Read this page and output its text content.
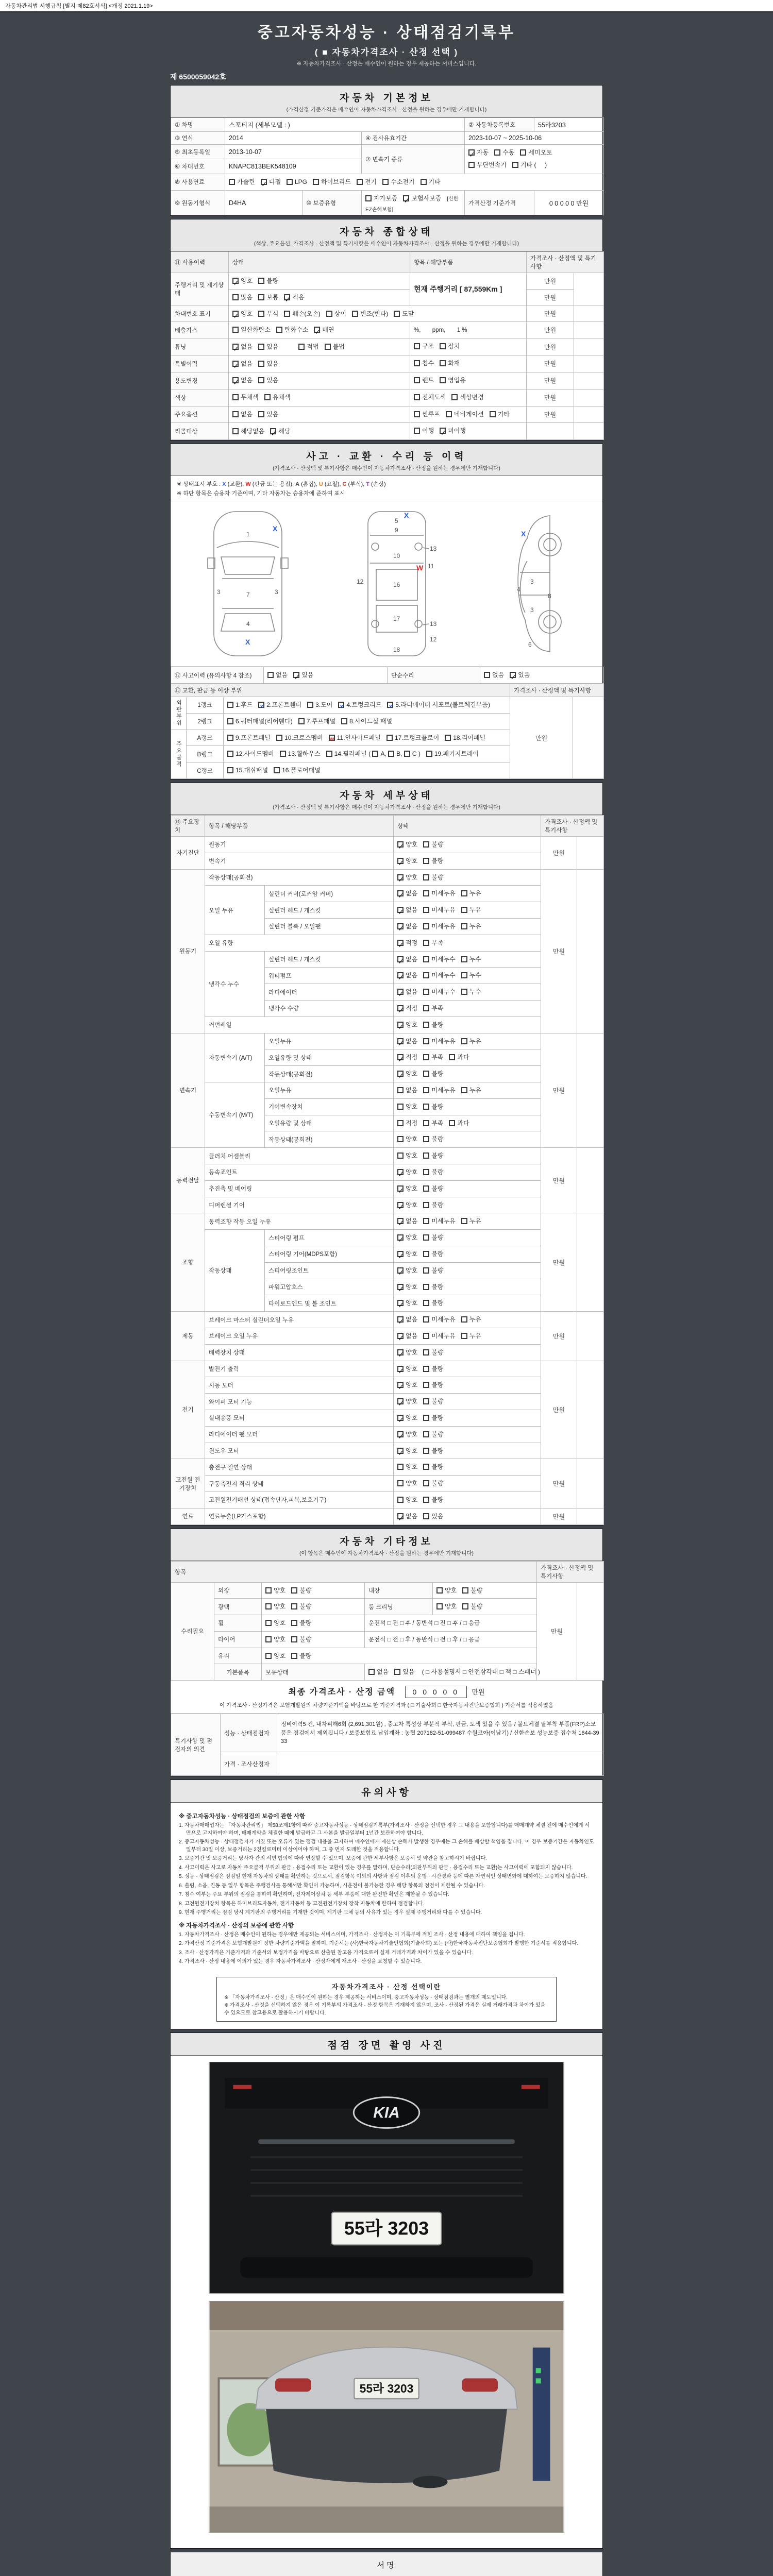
자동차관리법 시행규칙 [별지 제82호서식] <개정 2021.1.19>
중고자동차성능 · 상태점검기록부
( ■ 자동차가격조사 · 산정 선택 )
※ 자동차가격조사 · 산정은 매수인이 원하는 경우 제공하는 서비스입니다.
제 6500059042호
자동차 기본정보
(가격산정 기준가격은 매수인이 자동차가격조사 · 산정을 원하는 경우에만 기재합니다)
① 차명	스포티지 (세부모델 : )			② 자동차등록번호	55라3203
③ 연식	2014		④ 검사유효기간	2023-10-07 ~ 2025-10-06	
⑤ 최초등록일	2013-10-07		⑦ 변속기 종류	✓자동 수동 세미오토무단변속기 기타 (     )
⑥ 차대번호	KNAPC813BEK548109				
⑧ 사용연료	가솔린 ✓ 디젤 LPG 하이브리드 전기 수소전기 기타
⑨ 원동기형식	D4HA	⑩ 보증유형	자가보증 ✓ 보험사보증 [신한EZ손해보험]	가격산정 기준가격	0 0 0 0 0 만원
자동차 종합상태
(색상, 주요옵션, 가격조사 · 산정액 및 특기사항은 매수인이 자동차가격조사 · 산정을 원하는 경우에만 기재합니다)
⑪ 사용이력	상태	항목 / 해당부품	가격조사 · 산정액 및 특기사항	
주행거리 및 계기상태	✓양호 불량	현재 주행거리 [ 87,559Km ]	만원	
	많음 보통 ✓ 적음		만원	
차대번호 표기	✓양호 부식 훼손(오손) 상이 변조(변타) 도말		만원	
배출가스	일산화탄소 탄화수소 ✓ 매연	%,       ppm,       1 %	만원	
튜닝	✓없음 있음 적법 불법	구조 장치	만원	
특별이력	✓없음 있음	침수 화재	만원	
용도변경	✓없음 있음	렌트 영업용	만원	
색상	무채색 유채색	전체도색 색상변경	만원	
주요옵션	없음 있음	썬루프 네비게이션 기타	만원	
리콜대상	해당없음 ✓ 해당	이행 ✓ 미이행		
사고 · 교환 · 수리 등 이력
(가격조사 · 산정액 및 특기사항은 매수인이 자동차가격조사 · 산정을 원하는 경우에만 기재합니다)
※ 상태표시 부호 : X (교환), W (판금 또는 용접), A (흠집), U (요철), C (부식), T (손상)
※ 하단 항목은 승용차 기준이며, 기타 자동차는 승용차에 준하여 표시
1
7
4
3	3
X
X
5
9
10
16
17
18
12
13
13
11
W
12
X
X
3
3
8
4
6
⑫ 사고이력 (유의사항 4 참조)	없음 ✓ 있음	단순수리	없음 ✓ 있음
⑬ 교환, 판금 등 이상 부위			가격조사 · 산정액 및 특기사항	
외판부위	1랭크	1.후드 ✕ 2.프론트휀더 3.도어 ✕ 4.트렁크리드 ✕ 5.라디에이터 서포트(볼트체결부품)	만원	
	2랭크	6.쿼터패널(리어휀다) 7.루프패널 8.사이드실 패널		
주요골격	A랭크	9.프론트패널 10.크로스멤버 W 11.인사이드패널 17.트렁크플로어 18.리어패널
	B랭크	12.사이드멤버 13.휠하우스 14.필러패널 ( A, B, C ) 19.패키지트레이		
	C랭크	15.대쉬패널 16.플로어패널		
자동차 세부상태
(가격조사 · 산정액 및 특기사항은 매수인이 자동차가격조사 · 산정을 원하는 경우에만 기재합니다)
⑭ 주요장치	항목 / 해당부품		상태	가격조사 · 산정액 및 특기사항	
자기진단	원동기	✓양호 불량	만원	
	변속기	✓양호 불량
원동기	작동상태(공회전)	✓양호 불량	만원	
	오일 누유	실린더 커버(로커암 커버)	✓없음 미세누유 누유
		실린더 헤드 / 개스킷	✓없음 미세누유 누유
		실린더 블록 / 오일팬	✓없음 미세누유 누유
	오일 유량	✓적정 부족
	냉각수 누수	실린더 헤드 / 개스킷	✓없음 미세누수 누수
		워터펌프	✓없음 미세누수 누수
		라디에이터	✓없음 미세누수 누수
		냉각수 수량	✓적정 부족
	커먼레일	✓양호 불량
변속기	자동변속기 (A/T)	오일누유	✓없음 미세누유 누유	만원	
		오일유량 및 상태	✓적정 부족 과다
		작동상태(공회전)	✓양호 불량
	수동변속기 (M/T)	오일누유	없음 미세누유 누유		
		기어변속장치	양호 불량		
		오일유량 및 상태	적정 부족 과다		
		작동상태(공회전)	양호 불량		
동력전달	클러치 어셈블리		양호 불량	만원	
	등속죠인트	✓양호 불량
	추진축 및 베어링	✓양호 불량
	디퍼렌셜 기어	✓양호 불량
조향	동력조향 작동 오일 누유	✓없음 미세누유 누유	만원	
	작동상태	스티어링 펌프	✓양호 불량
		스티어링 기어(MDPS포함)	✓양호 불량
		스티어링조인트	✓양호 불량
		파워고압호스	✓양호 불량
		타이로드엔드 및 볼 조인트	✓양호 불량
제동	브레이크 마스터 실린더오일 누유	✓없음 미세누유 누유	만원	
	브레이크 오일 누유	✓없음 미세누유 누유
	배력장치 상태	✓양호 불량
전기	발전기 출력	✓양호 불량	만원	
	시동 모터	✓양호 불량
	와이퍼 모터 기능	✓양호 불량
	실내송풍 모터	✓양호 불량
	라디에이터 팬 모터	✓양호 불량
	윈도우 모터	✓양호 불량
고전원 전기장치	충전구 절연 상태		양호 불량	만원	
	구동축전지 격리 상태		양호 불량		
	고전원전기배선 상태(접속단자,피복,보호기구)		양호 불량		
연료	연료누출(LP가스포함)	✓없음 있음	만원	
자동차 기타정보
(이 항목은 매수인이 자동차가격조사 · 산정을 원하는 경우에만 기재합니다)
항목					가격조사 · 산정액 및 특기사항	
수리필요	외장	양호 불량	내장	양호 불량	만원	
	광택	양호 불량	룸 크리닝	양호 불량		
	휠	양호 불량	운전석 □ 전 □ 후 / 동반석 □ 전 □ 후 / □ 응급			
	타이어	양호 불량	운전석 □ 전 □ 후 / 동반석 □ 전 □ 후 / □ 응급			
	유리	양호 불량				
	기본품목	보유상태	없음 있음 ( □ 사용설명서 □ 안전삼각대 □ 잭 □ 스패너 )			
최종 가격조사 · 산정 금액 0 0 0 0 0 만원
이 가격조사 · 산정가격은 보험개발원의 차량기준가액을 바탕으로 한 기준가격과 ( □ 기술사회 □ 한국자동차진단보증협회 ) 기준서를 적용하였음
특기사항 및 점검자의 의견	성능 · 상태점검자	정비이력5 건, 내차피해6회 (2,691,301원) , 중고차 특성상 부분적 부식, 판금, 도색 있을 수 있음 / 볼트체결 탈부착 부품(FRP)소모품은 점검에서 제외됩니다 / 보증보험료 납입계좌 : 농협 207182-51-099487 수원코아(이남기) / 신한손보 성능보증 접수처 1644-3933
	가격 · 조사산정자	
유의사항
※ 중고자동차성능 · 상태점검의 보증에 관한 사항
1. 자동차매매업자는 「자동차관리법」 제58조제1항에 따라 중고자동차성능 · 상태점검기록부(가격조사 · 산정을 선택한 경우 그 내용을 포함합니다)를 매매계약 체결 전에 매수인에게 서면으로 고지하여야 하며, 매매계약을 체결한 때에 발급하고 그 사본을 발급일부터 1년간 보관하여야 합니다.
2. 중고자동차성능 · 상태점검자가 거짓 또는 오류가 있는 점검 내용을 고지하여 매수인에게 재산상 손해가 발생한 경우에는 그 손해를 배상할 책임을 집니다. 이 경우 보증기간은 자동차인도일부터 30일 이상, 보증거리는 2천킬로미터 이상이어야 하며, 그 중 먼저 도래한 것을 적용합니다.
3. 보증기간 및 보증거리는 당사자 간의 서면 합의에 따라 연장할 수 있으며, 보증에 관한 세부사항은 보증서 및 약관을 참고하시기 바랍니다.
4. 사고이력은 사고로 자동차 주요골격 부위의 판금 · 용접수리 또는 교환이 있는 경우를 말하며, 단순수리(외판부위의 판금 · 용접수리 또는 교환)는 사고이력에 포함되지 않습니다.
5. 성능 · 상태점검은 점검일 현재 자동차의 상태를 확인하는 것으로서, 점검항목 이외의 사항과 점검 이후의 운행 · 시간경과 등에 따른 자연적인 상태변화에 대하여는 보증하지 않습니다.
6. 쏠림, 소음, 진동 등 일부 항목은 주행검사를 통해서만 확인이 가능하며, 시운전이 불가능한 경우 해당 항목의 점검이 제한될 수 있습니다.
7. 침수 여부는 주요 부위의 점검을 통하여 확인하며, 전자제어장치 등 세부 부품에 대한 완전한 확인은 제한될 수 있습니다.
8. 고전원전기장치 항목은 하이브리드자동차, 전기자동차 등 고전원전기장치 장착 자동차에 한하여 점검합니다.
9. 현재 주행거리는 점검 당시 계기판의 주행거리를 기재한 것이며, 계기판 교체 등의 사유가 있는 경우 실제 주행거리와 다를 수 있습니다.
※ 자동차가격조사 · 산정의 보증에 관한 사항
1. 자동차가격조사 · 산정은 매수인이 원하는 경우에만 제공되는 서비스이며, 가격조사 · 산정자는 이 기록부에 적힌 조사 · 산정 내용에 대하여 책임을 집니다.
2. 가격산정 기준가격은 보험개발원이 정한 차량기준가액을 말하며, 기준서는 (사)한국자동차기술인협회(기술사회) 또는 (사)한국자동차진단보증협회가 발행한 기준서를 적용합니다.
3. 조사 · 산정가격은 기준가격과 기준서의 보정가격을 바탕으로 산출된 참고용 가격으로서 실제 거래가격과 차이가 있을 수 있습니다.
4. 가격조사 · 산정 내용에 이의가 있는 경우 자동차가격조사 · 산정자에게 재조사 · 산정을 요청할 수 있습니다.
자동차가격조사 · 산정 선택이란
※ 「자동차가격조사 · 산정」은 매수인이 원하는 경우 제공하는 서비스이며, 중고자동차성능 · 상태점검과는 별개의 제도입니다.
※ 가격조사 · 산정을 선택하지 않은 경우 이 기록부의 가격조사 · 산정 항목은 기재하지 않으며, 조사 · 산정된 가격은 실제 거래가격과 차이가 있을 수 있으므로 참고용으로 활용하시기 바랍니다.
점검 장면 촬영 사진
KIA
55라 3203
55라 3203
서명
